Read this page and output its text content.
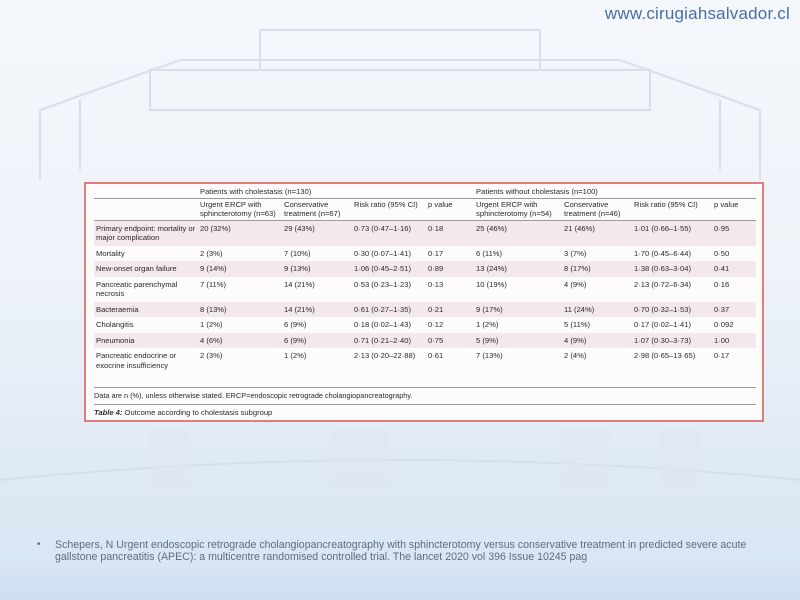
www.cirugiahsalvador.cl
	Patients with cholestasis (n=130)				Patients without cholestasis (n=100)			
	Urgent ERCP with sphincterotomy (n=63)	Conservative treatment (n=67)	Risk ratio (95% CI)	p value	Urgent ERCP with sphincterotomy (n=54)	Conservative treatment (n=46)	Risk ratio (95% CI)	p value
Primary endpoint: mortality or major complication	20 (32%)	29 (43%)	0·73 (0·47–1·16)	0·18	25 (46%)	21 (46%)	1·01 (0·66–1·55)	0·95
Mortality	2 (3%)	7 (10%)	0·30 (0·07–1·41)	0·17	6 (11%)	3 (7%)	1·70 (0·45–6·44)	0·50
New-onset organ failure	9 (14%)	9 (13%)	1·06 (0·45–2·51)	0·89	13 (24%)	8 (17%)	1·38 (0·63–3·04)	0·41
Pancreatic parenchymal necrosis	7 (11%)	14 (21%)	0·53 (0·23–1·23)	0·13	10 (19%)	4 (9%)	2·13 (0·72–6·34)	0·16
Bacteraemia	8 (13%)	14 (21%)	0·61 (0·27–1·35)	0·21	9 (17%)	11 (24%)	0·70 (0·32–1·53)	0·37
Cholangitis	1 (2%)	6 (9%)	0·18 (0·02–1·43)	0·12	1 (2%)	5 (11%)	0·17 (0·02–1·41)	0·092
Pneumonia	4 (6%)	6 (9%)	0·71 (0·21–2·40)	0·75	5 (9%)	4 (9%)	1·07 (0·30–3·73)	1·00
Pancreatic endocrine or exocrine insufficiency	2 (3%)	1 (2%)	2·13 (0·20–22·88)	0·61	7 (13%)	2 (4%)	2·98 (0·65–13·65)	0·17
Data are n (%), unless otherwise stated. ERCP=endoscopic retrograde cholangiopancreatography.
Table 4: Outcome according to cholestasis subgroup
• Schepers, N Urgent endoscopic retrograde cholangiopancreatography with sphincterotomy versus conservative treatment in predicted severe acute gallstone pancreatitis (APEC): a multicentre randomised controlled trial. The lancet 2020 vol 396 Issue 10245 pag
